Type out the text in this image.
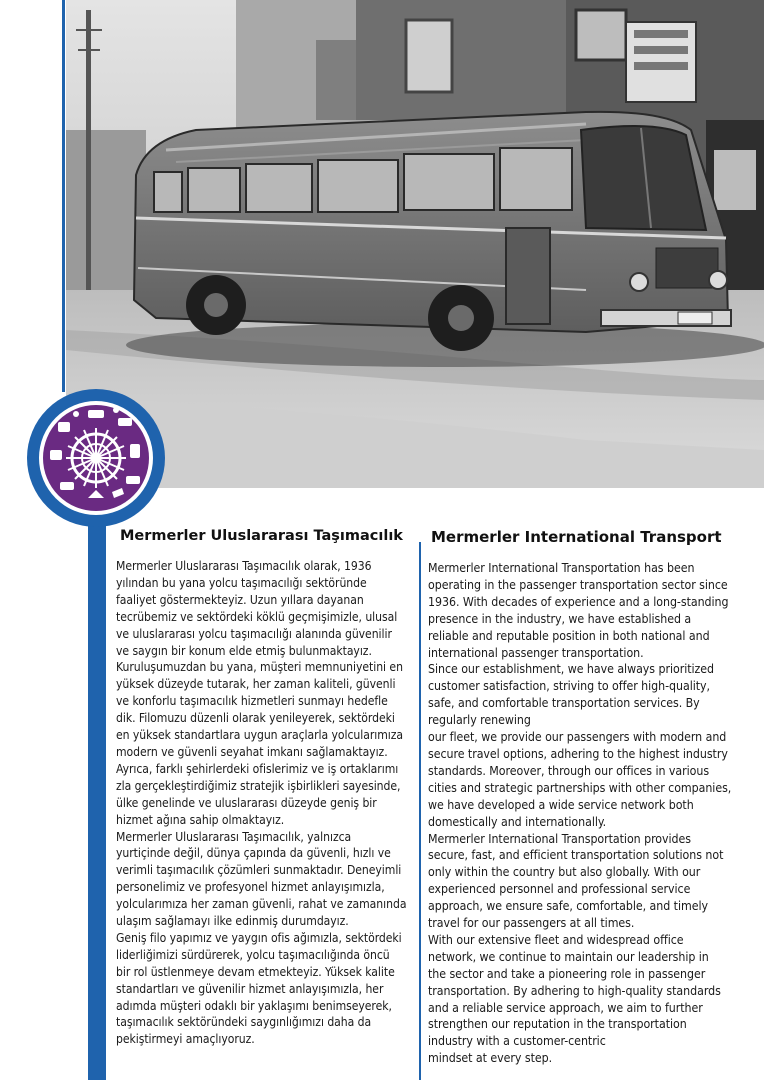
Mermerler Uluslararası Taşımacılık

Mermerler Uluslararası Taşımacılık olarak, 1936
yılından bu yana yolcu taşımacılığı sektöründe
faaliyet göstermekteyiz. Uzun yıllara dayanan
tecrübemiz ve sektördeki köklü geçmişimizle, ulusal
ve uluslararası yolcu taşımacılığı alanında güvenilir
ve saygın bir konum elde etmiş bulunmaktayız.

Kuruluşumuzdan bu yana, müşteri memnuniyetini en
yüksek düzeyde tutarak, her zaman kaliteli, güvenli
ve konforlu taşımacılık hizmetleri sunmayı hedefle
dik. Filomuzu düzenli olarak yenileyerek, sektördeki
en yüksek standartlara uygun araçlarla yolcularımıza
modern ve güvenli seyahat imkanı sağlamaktayız.

Ayrıca, farklı şehirlerdeki ofislerimiz ve iş ortaklarımı
zla gerçekleştirdiğimiz stratejik işbirlikleri sayesinde,
ülke genelinde ve uluslararası düzeyde geniş bir
hizmet ağına sahip olmaktayız.

Mermerler Uluslararası Taşımacılık, yalnızca
yurtiçinde değil, dünya çapında da güvenli, hızlı ve
verimli taşımacılık çözümleri sunmaktadır. Deneyimli
personelimiz ve profesyonel hizmet anlayışımızla,
yolcularımıza her zaman güvenli, rahat ve zamanında
ulaşım sağlamayı ilke edinmiş durumdayız.

Geniş filo yapımız ve yaygın ofis ağımızla, sektördeki
liderliğimizi sürdürerek, yolcu taşımacılığında öncü
bir rol üstlenmeye devam etmekteyiz. Yüksek kalite
standartları ve güvenilir hizmet anlayışımızla, her
adımda müşteri odaklı bir yaklaşımı benimseyerek,
taşımacılık sektöründeki saygınlığımızı daha da
pekiştirmeyi amaçlıyoruz.

Mermerler International Transport

Mermerler International Transportation has been
operating in the passenger transportation sector since
1936. With decades of experience and a long-standing
presence in the industry, we have established a
reliable and reputable position in both national and
international passenger transportation.

Since our establishment, we have always prioritized
customer satisfaction, striving to offer high-quality,
safe, and comfortable transportation services. By
regularly renewing
our fleet, we provide our passengers with modern and
secure travel options, adhering to the highest industry
standards. Moreover, through our offices in various
cities and strategic partnerships with other companies,
we have developed a wide service network both
domestically and internationally.

Mermerler International Transportation provides
secure, fast, and efficient transportation solutions not
only within the country but also globally. With our
experienced personnel and professional service
approach, we ensure safe, comfortable, and timely
travel for our passengers at all times.

With our extensive fleet and widespread office
network, we continue to maintain our leadership in
the sector and take a pioneering role in passenger
transportation. By adhering to high-quality standards
and a reliable service approach, we aim to further
strengthen our reputation in the transportation
industry with a customer-centric
mindset at every step.
